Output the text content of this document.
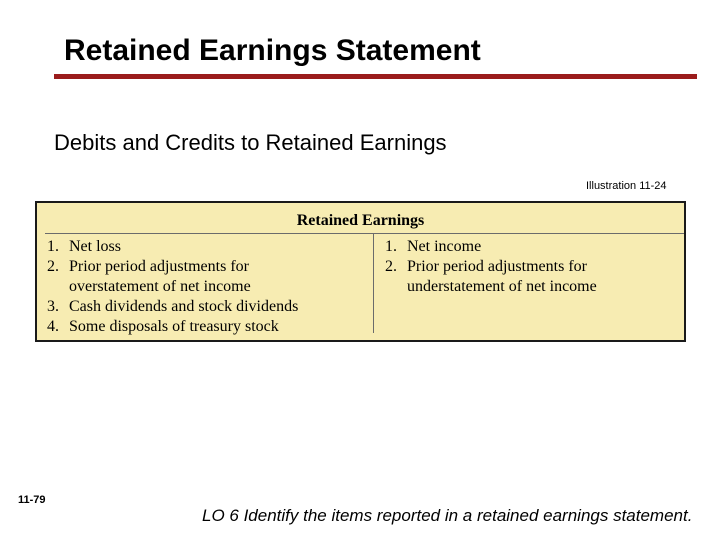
Retained Earnings Statement
Debits and Credits to Retained Earnings
Illustration 11-24
Retained Earnings
1. Net loss
2. Prior period adjustments for
overstatement of net income
3. Cash dividends and stock dividends
4. Some disposals of treasury stock
1. Net income
2. Prior period adjustments for
understatement of net income
11-79
LO 6 Identify the items reported in a retained earnings statement.
